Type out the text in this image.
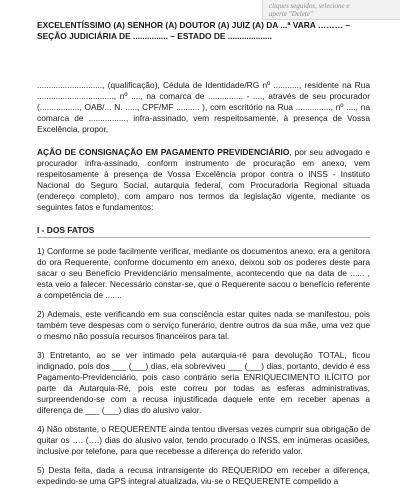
cliques seguidos, selecione e
aperte "Delete"

EXCELENTÍSSIMO (A) SENHOR (A) DOUTOR (A) JUIZ (A) DA ...ª VARA ……… –

SEÇÃO JUDICIÁRIA DE ............... – ESTADO DE ...................

............................, (qualificação), Cédula de Identidade/RG nº ..........., residente na Rua ................................., nº ...., na comarca de ............... - ...., através de seu procurador (................., OAB/... N. ....., CPF/MF .......... ), com escritório na Rua ..............., nº ...., na comarca de ................, infra-assinado, vem respeitosamente, à presença de Vossa Excelência, propor,

AÇÃO DE CONSIGNAÇÃO EM PAGAMENTO PREVIDENCIÁRIO, por seu advogado e procurador infra-assinado, conform instrumento de procuração em anexo, vem respeitosamente à presença de Vossa Excelência propor contra o INSS - Instituto Nacional do Seguro Social, autarquia federal, com Procuradoria Regional situada (endereço completo), com amparo nos termos da legislação vigente, mediante os seguintes fatos e fundamentos:

I - DOS FATOS

1) Conforme se pode facilmente verificar, mediante os documentos anexo, era a genitora do ora Requerente, conforme documento em anexo, deixou sob os poderes deste para sacar o seu Benefício Previdenciário mensalmente, acontecendo que na data de ...... , esta veio a falecer. Necessário constar-se, que o Requerente sacou o benefício referente a competência de .......

2) Ademais, este verificando em sua consciência estar quites nada se manifestou, pois também teve despesas com o serviço funerário, dentre outros da sua mãe, uma vez que o mesmo não possuía recursos financeiros para tal.

3) Entretanto, ao se ver intimado pela autarquia-ré para devolução TOTAL, ficou indignado, pois dos ___ (___) dias, ela sobreviveu ___ (___) dias, portanto, devido é ess Pagamento-Previdenciário, pois caso contrário seria ENRIQUECIMENTO ILÍCITO por parte da Autarquia-Ré, pois este correu por todas as esferas administrativas, surpreendendo-se com a recusa injustificada daquele ente em receber apenas a diferença de ___ (___) dias do alusivo valor.

4) Não obstante, o REQUERENTE ainda tentou diversas vezes cumprir sua obrigação de quitar os …. (….) dias do alusivo valor, tendo procurado o INSS, em inúmeras ocasiões, inclusive por telefone, para que recebesse a diferença do referido valor.

5) Desta feita, dada a recusa intransigente do REQUERIDO em receber a diferença, expedindo-se uma GPS integral atualizada, viu-se o REQUERENTE compelido a
